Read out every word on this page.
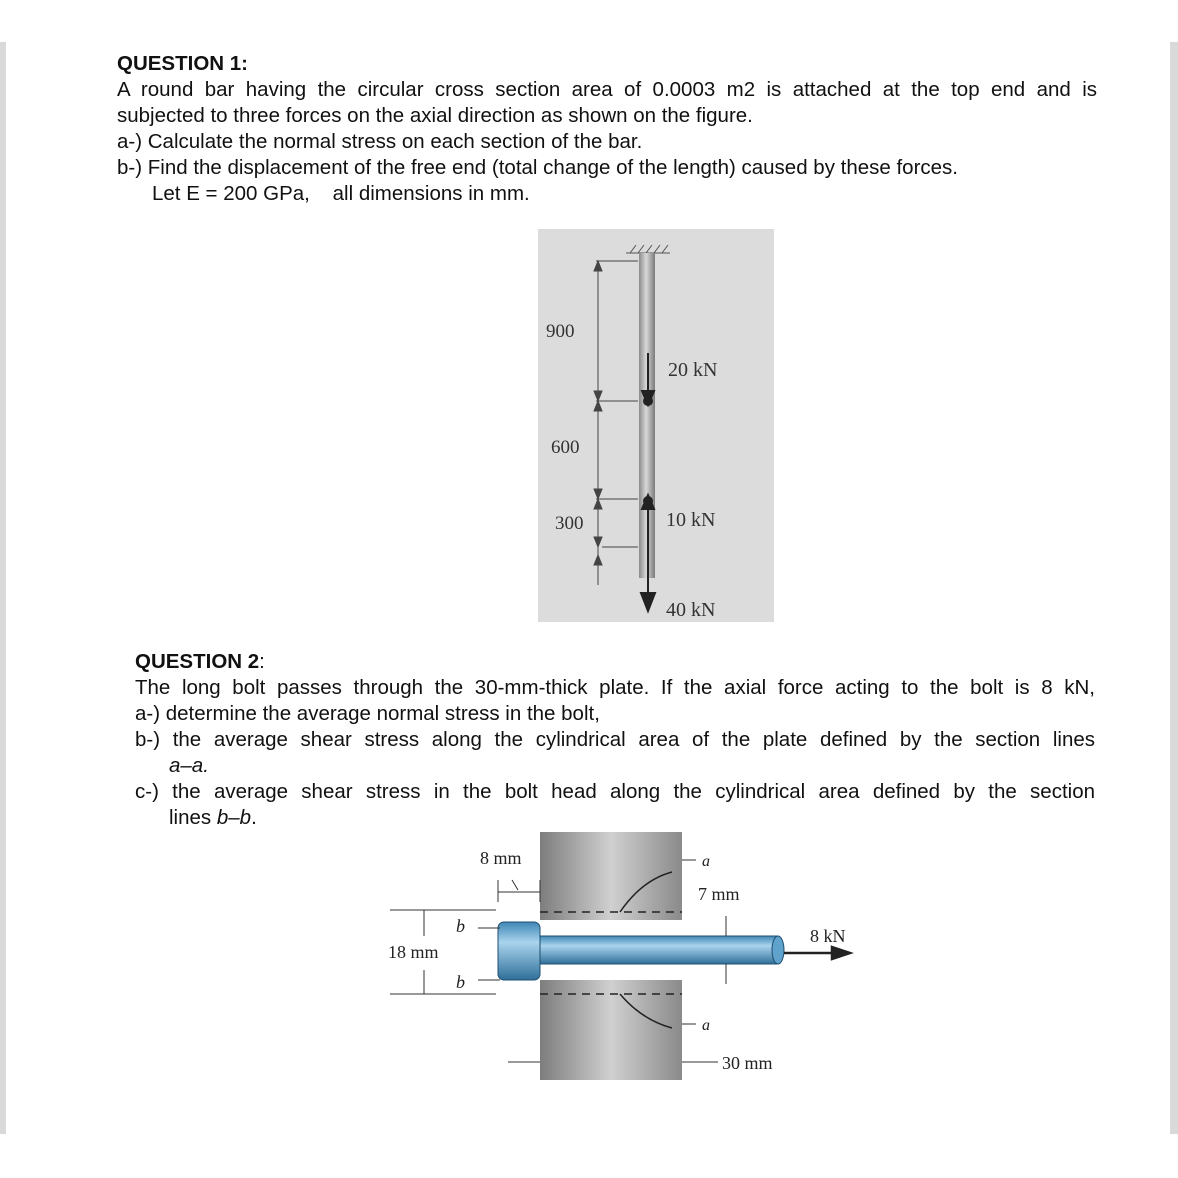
QUESTION 1:

A round bar having the circular cross section area of 0.0003 m2 is attached at the top end and is

subjected to three forces on the axial direction as shown on the figure.

a-) Calculate the normal stress on each section of the bar.

b-) Find the displacement of the free end (total change of the length) caused by these forces.

Let E = 200 GPa,    all dimensions in mm.

900
600
300
20 kN
10 kN
40 kN

QUESTION 2:

The long bolt passes through the 30-mm-thick plate. If the axial force acting to the bolt is 8 kN,

a-) determine the average normal stress in the bolt,

b-) the average shear stress along the cylindrical area of the plate defined by the section lines

a–a.

c-) the average shear stress in the bolt head along the cylindrical area defined by the section

lines b–b.

8 mm
18 mm
b
b
a
a
7 mm
30 mm
8 kN
